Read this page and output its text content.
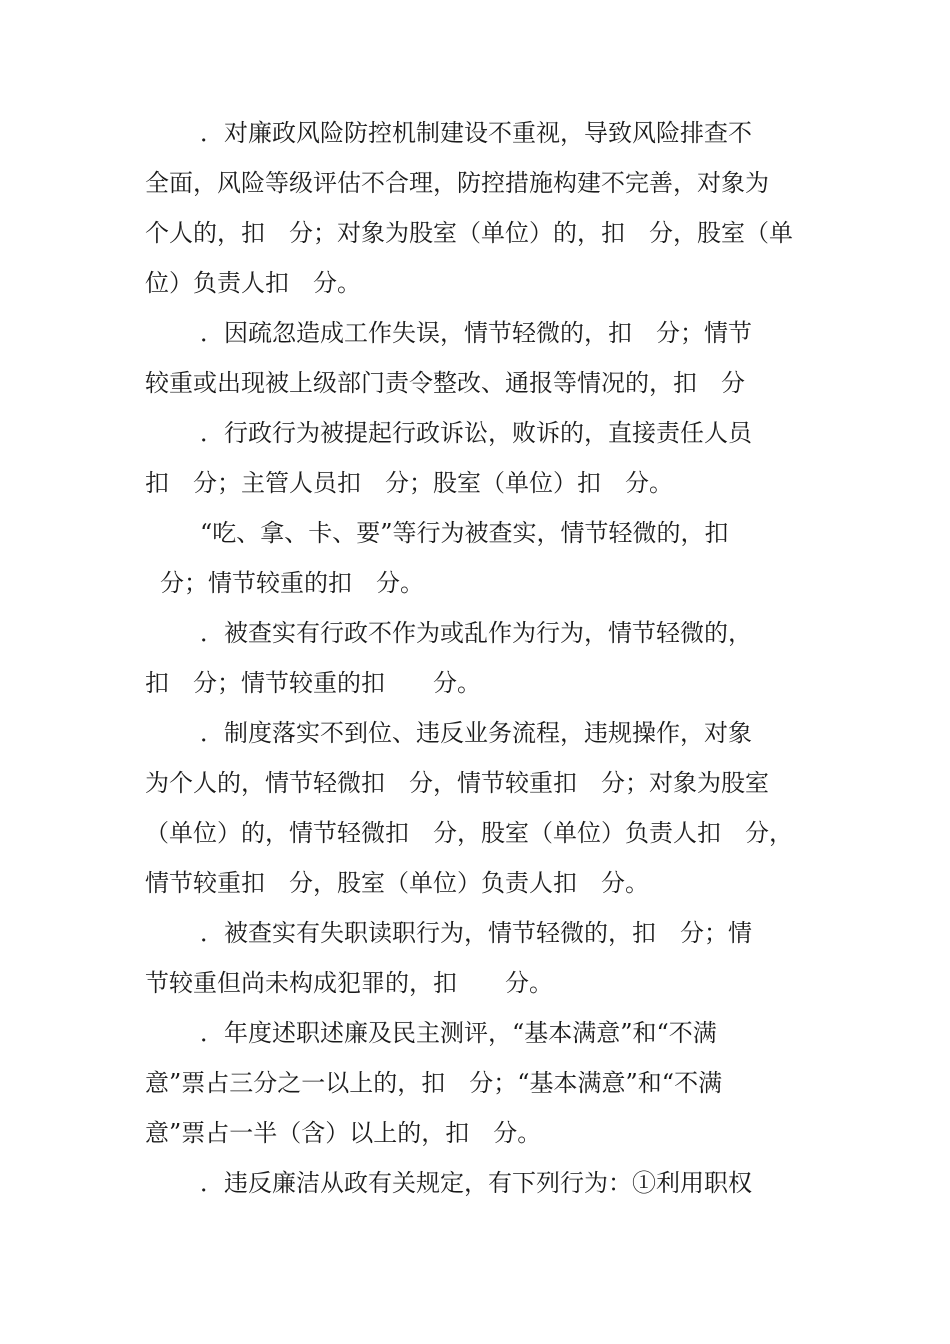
．对廉政风险防控机制建设不重视，导致风险排查不
全面，风险等级评估不合理，防控措施构建不完善，对象为
个人的，扣　分；对象为股室（单位）的，扣　分，股室（单
位）负责人扣　分。
．因疏忽造成工作失误，情节轻微的，扣　分；情节
较重或出现被上级部门责令整改、通报等情况的，扣　分
．行政行为被提起行政诉讼，败诉的，直接责任人员
扣　分；主管人员扣　分；股室（单位）扣　分。
“吃、拿、卡、要”等行为被查实，情节轻微的，扣
分；情节较重的扣　分。
．被查实有行政不作为或乱作为行为，情节轻微的，
扣　分；情节较重的扣　　分。
．制度落实不到位、违反业务流程，违规操作，对象
为个人的，情节轻微扣　分，情节较重扣　分；对象为股室
（单位）的，情节轻微扣　分，股室（单位）负责人扣　分，
情节较重扣　分，股室（单位）负责人扣　分。
．被查实有失职读职行为，情节轻微的，扣　分；情
节较重但尚未构成犯罪的，扣　　分。
．年度述职述廉及民主测评，“基本满意”和“不满
意”票占三分之一以上的，扣　分；“基本满意”和“不满
意”票占一半（含）以上的，扣　分。
．违反廉洁从政有关规定，有下列行为：①利用职权
